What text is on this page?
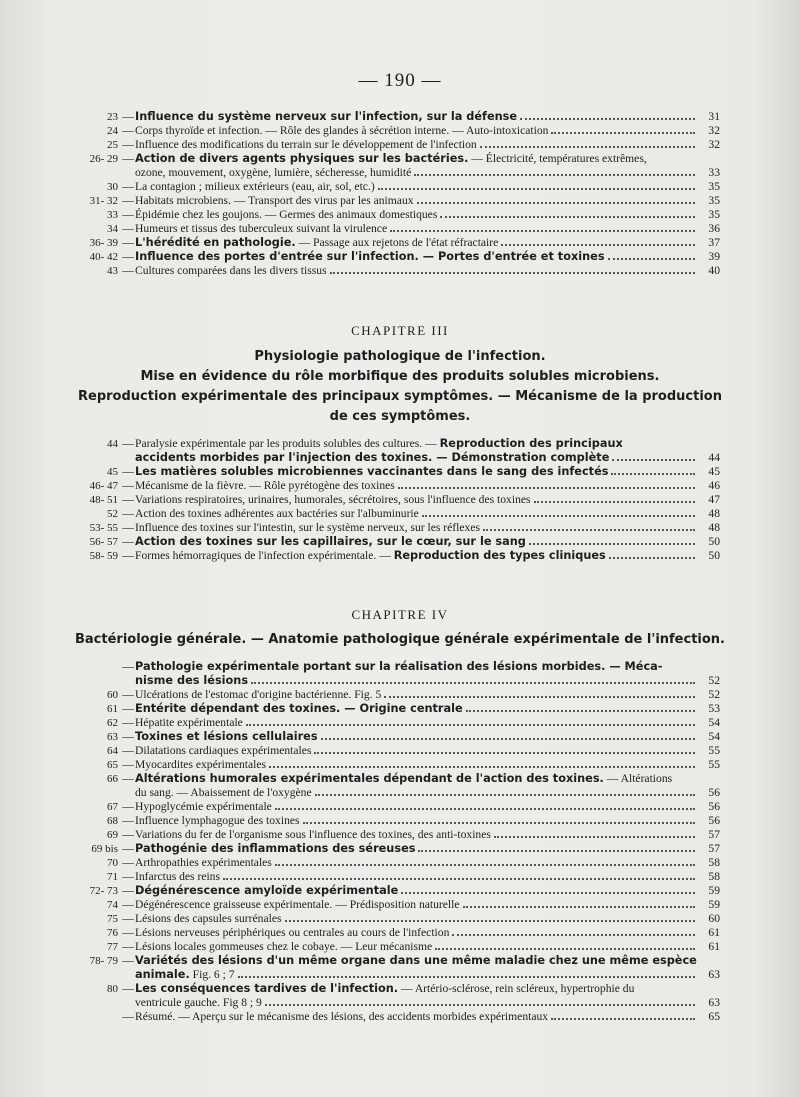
— 190 —
23 — Influence du système nerveux sur l'infection, sur la défense	31
24 — Corps thyroïde et infection. — Rôle des glandes à sécrétion interne. — Auto-intoxication	32
25 — Influence des modifications du terrain sur le développement de l'infection	32
26- 29 — Action de divers agents physiques sur les bactéries. — Électricité, températures extrêmes,
ozone, mouvement, oxygène, lumière, sécheresse, humidité	33
30 — La contagion ; milieux extérieurs (eau, air, sol, etc.)	35
31- 32 — Habitats microbiens. — Transport des virus par les animaux	35
33 — Épidémie chez les goujons. — Germes des animaux domestiques	35
34 — Humeurs et tissus des tuberculeux suivant la virulence	36
36- 39 — L'hérédité en pathologie. — Passage aux rejetons de l'état réfractaire	37
40- 42 — Influence des portes d'entrée sur l'infection. — Portes d'entrée et toxines	39
43 — Cultures comparées dans les divers tissus	40
CHAPITRE III
Physiologie pathologique de l'infection.
Mise en évidence du rôle morbifique des produits solubles microbiens.
Reproduction expérimentale des principaux symptômes. — Mécanisme de la production
de ces symptômes.
44 — Paralysie expérimentale par les produits solubles des cultures. — Reproduction des principaux
accidents morbides par l'injection des toxines. — Démonstration complète	44
45 — Les matières solubles microbiennes vaccinantes dans le sang des infectés	45
46- 47 — Mécanisme de la fièvre. — Rôle pyrétogène des toxines	46
48- 51 — Variations respiratoires, urinaires, humorales, sécrétoires, sous l'influence des toxines	47
52 — Action des toxines adhérentes aux bactéries sur l'albuminurie	48
53- 55 — Influence des toxines sur l'intestin, sur le système nerveux, sur les réflexes	48
56- 57 — Action des toxines sur les capillaires, sur le cœur, sur le sang	50
58- 59 — Formes hémorragiques de l'infection expérimentale. — Reproduction des types cliniques	50
CHAPITRE IV
Bactériologie générale. — Anatomie pathologique générale expérimentale de l'infection.
— Pathologie expérimentale portant sur la réalisation des lésions morbides. — Méca-
nisme des lésions	52
60 — Ulcérations de l'estomac d'origine bactérienne. Fig. 5	52
61 — Entérite dépendant des toxines. — Origine centrale	53
62 — Hépatite expérimentale	54
63 — Toxines et lésions cellulaires	54
64 — Dilatations cardiaques expérimentales	55
65 — Myocardites expérimentales	55
66 — Altérations humorales expérimentales dépendant de l'action des toxines. — Altérations
du sang. — Abaissement de l'oxygène	56
67 — Hypoglycémie expérimentale	56
68 — Influence lymphagogue des toxines	56
69 — Variations du fer de l'organisme sous l'influence des toxines, des anti-toxines	57
69 bis — Pathogénie des inflammations des séreuses	57
70 — Arthropathies expérimentales	58
71 — Infarctus des reins	58
72- 73 — Dégénérescence amyloïde expérimentale	59
74 — Dégénérescence graisseuse expérimentale. — Prédisposition naturelle	59
75 — Lésions des capsules surrénales	60
76 — Lésions nerveuses périphériques ou centrales au cours de l'infection	61
77 — Lésions locales gommeuses chez le cobaye. — Leur mécanisme	61
78- 79 — Variétés des lésions d'un même organe dans une même maladie chez une même espèce
animale. Fig. 6 ; 7	63
80 — Les conséquences tardives de l'infection. — Artério-sclérose, rein scléreux, hypertrophie du
ventricule gauche. Fig 8 ; 9	63
— Résumé. — Aperçu sur le mécanisme des lésions, des accidents morbides expérimentaux	65
